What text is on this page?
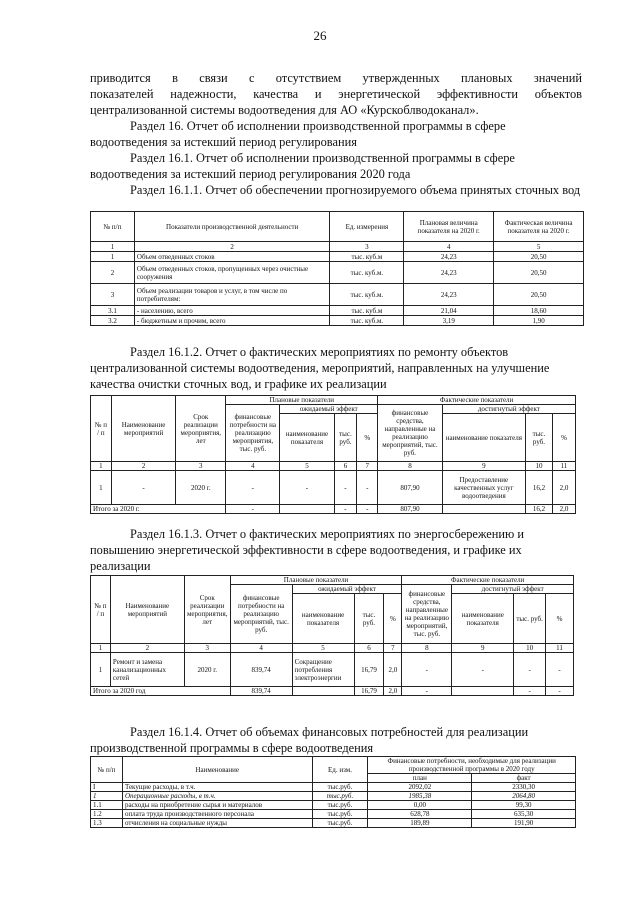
26
приводится в связи с отсутствием утвержденных плановых значений
показателей надежности, качества и энергетической эффективности объектов
централизованной системы водоотведения для АО «Курскоблводоканал».
Раздел 16. Отчет об исполнении производственной программы в сфере водоотведения за истекший период регулирования
Раздел 16.1. Отчет об исполнении производственной программы в сфере водоотведения за истекший период регулирования 2020 года
Раздел 16.1.1. Отчет об обеспечении прогнозируемого объема принятых сточных вод
№ п/п	Показатели производственной деятельности	Ед. измерения	Плановая величина показателя на 2020 г.	Фактическая величина показателя на 2020 г.
1	2	3	4	5
1	Объем отведенных стоков	тыс. куб.м	24,23	20,50
2	Объем отведенных стоков, пропущенных через очистные сооружения	тыс. куб.м.	24,23	20,50
3	Объем реализации товаров и услуг, в том числе по потребителям:	тыс. куб.м.	24,23	20,50
3.1	- населению, всего	тыс. куб.м	21,04	18,60
3.2	- бюджетным и прочим, всего	тыс. куб.м.	3,19	1,90
Раздел 16.1.2. Отчет о фактических мероприятиях по ремонту объектов централизованной системы водоотведения, мероприятий, направленных на улучшение качества очистки сточных вод, и графике их реализации
№ п / п	Наименование мероприятий	Срок реализации мероприятия, лет	Плановые показатели				Фактические показатели			
			финансовые потребности на реализацию мероприятия, тыс. руб.	ожидаемый эффект			финансовые средства, направленные на реализацию мероприятий, тыс. руб.	достигнутый эффект		
				наименование показателя	тыс. руб.	%		наименование показателя	тыс. руб.	%
1	2	3	4	5	6	7	8	9	10	11
1	-	2020 г.	-	-	-	-	807,90	Предоставление качественных услуг водоотведения	16,2	2,0
Итого за 2020 г.			-		-	-	807,90		16,2	2,0
Раздел 16.1.3. Отчет о фактических мероприятиях по энергосбережению и повышению энергетической эффективности в сфере водоотведения, и графике их реализации
№ п / п	Наименование мероприятий	Срок реализации мероприятия, лет	Плановые показатели				Фактические показатели			
			финансовые потребности на реализацию мероприятий, тыс. руб.	ожидаемый эффект			финансовые средства, направленные на реализацию мероприятий, тыс. руб.	достигнутый эффект		
				наименование показателя	тыс. руб.	%		наименование показателя	тыс. руб.	%
1	2	3	4	5	6	7	8	9	10	11
1	Ремонт и замена канализационных сетей	2020 г.	839,74	Сокращение потребления электроэнергии	16,79	2,0	-	-	-	-
Итого за 2020 год			839,74		16,79	2,0	-		-	-
Раздел 16.1.4. Отчет об объемах финансовых потребностей для реализации производственной программы в сфере водоотведения
№ п/п	Наименование	Ед. изм.	Финансовые потребности, необходимые для реализации производственной программы в 2020 году	
			план	факт
I	Текущие расходы, в т.ч.	тыс.руб.	2092,02	2330,30
1	Операционные расходы, в т.ч.	тыс.руб.	1985,38	2064,80
1.1	расходы на приобретение сырья и материалов	тыс.руб.	0,00	99,30
1.2	оплата труда производственного персонала	тыс.руб.	628,78	635,30
1.3	отчисления на социальные нужды	тыс.руб.	189,89	191,90
